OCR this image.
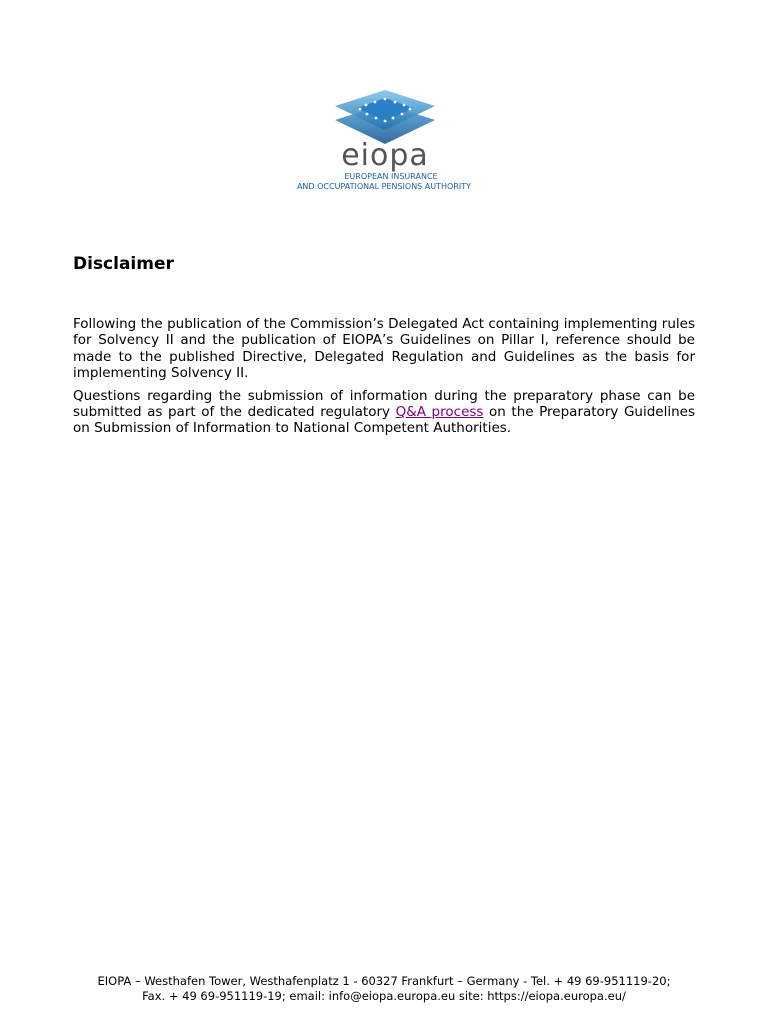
eiopa
EUROPEAN INSURANCE
AND OCCUPATIONAL PENSIONS AUTHORITY
Disclaimer

Following the publication of the Commission’s Delegated Act containing implementing rules for Solvency II and the publication of EIOPA’s Guidelines on Pillar I, reference should be made to the published Directive, Delegated Regulation and Guidelines as the basis for implementing Solvency II.

Questions regarding the submission of information during the preparatory phase can be submitted as part of the dedicated regulatory Q&A process on the Preparatory Guidelines on Submission of Information to National Competent Authorities.

EIOPA – Westhafen Tower, Westhafenplatz 1 - 60327 Frankfurt – Germany - Tel. + 49 69-951119-20;
Fax. + 49 69-951119-19; email: info@eiopa.europa.eu site: https://eiopa.europa.eu/
